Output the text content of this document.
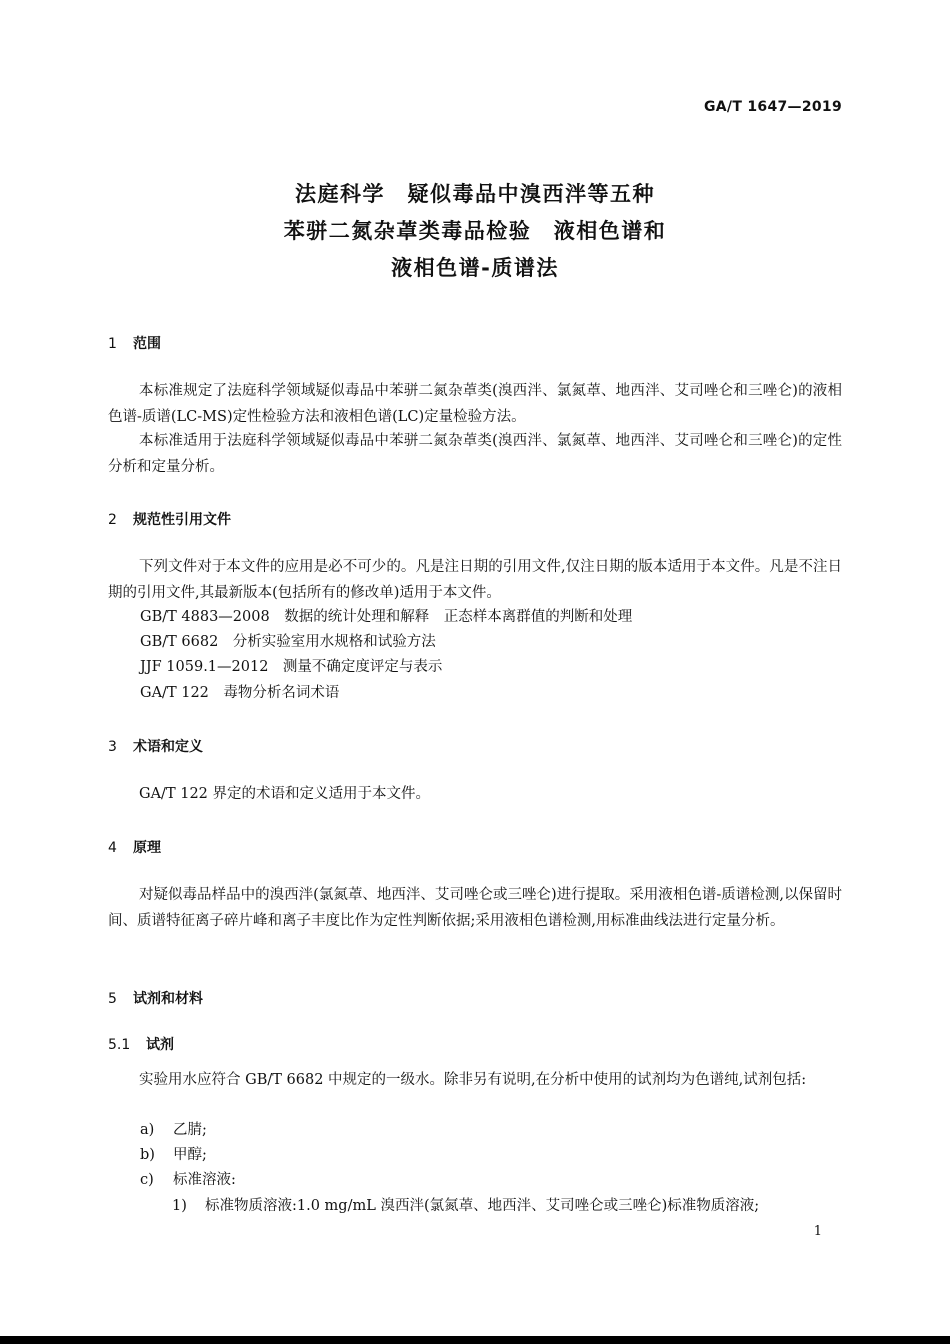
GA/T 1647—2019
法庭科学　疑似毒品中溴西泮等五种
苯骈二氮杂䓬类毒品检验　液相色谱和
液相色谱-质谱法
1 范围

本标准规定了法庭科学领域疑似毒品中苯骈二氮杂䓬类(溴西泮、氯氮䓬、地西泮、艾司唑仑和三唑仑)的液相色谱-质谱(LC-MS)定性检验方法和液相色谱(LC)定量检验方法。

本标准适用于法庭科学领域疑似毒品中苯骈二氮杂䓬类(溴西泮、氯氮䓬、地西泮、艾司唑仑和三唑仑)的定性分析和定量分析。

2 规范性引用文件

下列文件对于本文件的应用是必不可少的。凡是注日期的引用文件,仅注日期的版本适用于本文件。凡是不注日期的引用文件,其最新版本(包括所有的修改单)适用于本文件。

GB/T 4883—2008　数据的统计处理和解释　正态样本离群值的判断和处理
GB/T 6682　分析实验室用水规格和试验方法
JJF 1059.1—2012　测量不确定度评定与表示
GA/T 122　毒物分析名词术语
3 术语和定义

GA/T 122 界定的术语和定义适用于本文件。

4 原理

对疑似毒品样品中的溴西泮(氯氮䓬、地西泮、艾司唑仑或三唑仑)进行提取。采用液相色谱-质谱检测,以保留时间、质谱特征离子碎片峰和离子丰度比作为定性判断依据;采用液相色谱检测,用标准曲线法进行定量分析。

5 试剂和材料
5.1 试剂

实验用水应符合 GB/T 6682 中规定的一级水。除非另有说明,在分析中使用的试剂均为色谱纯,试剂包括:

a) 乙腈;
b) 甲醇;
c) 标准溶液:
1) 标准物质溶液:1.0 mg/mL 溴西泮(氯氮䓬、地西泮、艾司唑仑或三唑仑)标准物质溶液;
1
